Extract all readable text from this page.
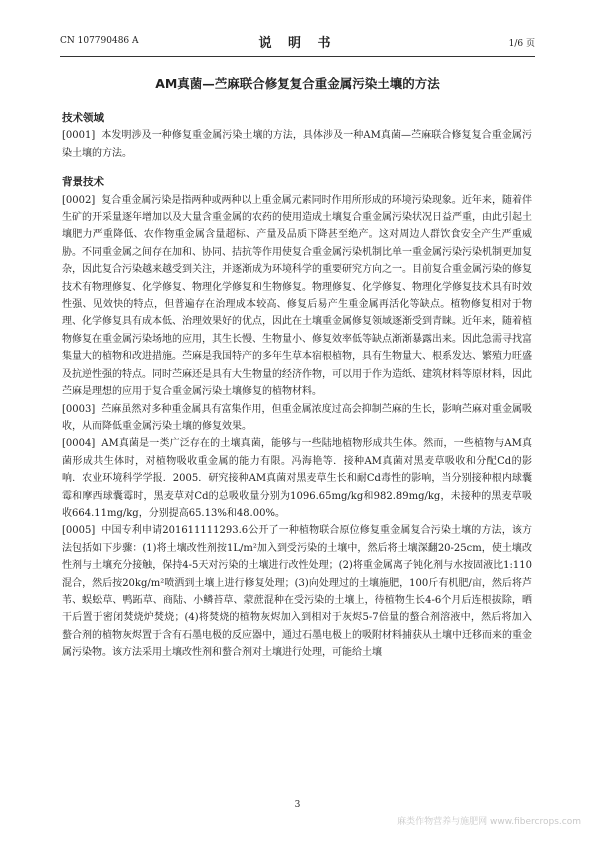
CN 107790486 A	说 明 书	1/6 页
AM真菌—苎麻联合修复复合重金属污染土壤的方法

技术领域

[0001] 本发明涉及一种修复重金属污染土壤的方法，具体涉及一种AM真菌—苎麻联合修复复合重金属污染土壤的方法。

背景技术

[0002] 复合重金属污染是指两种或两种以上重金属元素同时作用所形成的环境污染现象。近年来，随着伴生矿的开采量逐年增加以及大量含重金属的农药的使用造成土壤复合重金属污染状况日益严重，由此引起土壤肥力严重降低、农作物重金属含量超标、产量及品质下降甚至绝产。这对周边人群饮食安全产生严重威胁。不同重金属之间存在加和、协同、拮抗等作用使复合重金属污染机制比单一重金属污染污染机制更加复杂，因此复合污染越来越受到关注，并逐渐成为环境科学的重要研究方向之一。目前复合重金属污染的修复技术有物理修复、化学修复、物理化学修复和生物修复。物理修复、化学修复、物理化学修复技术具有时效性强、见效快的特点，但普遍存在治理成本较高、修复后易产生重金属再活化等缺点。植物修复相对于物理、化学修复具有成本低、治理效果好的优点，因此在土壤重金属修复领域逐渐受到青睐。近年来，随着植物修复在重金属污染场地的应用，其生长慢、生物量小、修复效率低等缺点渐渐暴露出来。因此急需寻找富集量大的植物和改进措施。苎麻是我国特产的多年生草本宿根植物，具有生物量大、根系发达、繁殖力旺盛及抗逆性强的特点。同时苎麻还是具有大生物量的经济作物，可以用于作为造纸、建筑材料等原材料，因此苎麻是理想的应用于复合重金属污染土壤修复的植物材料。

[0003] 苎麻虽然对多种重金属具有富集作用，但重金属浓度过高会抑制苎麻的生长，影响苎麻对重金属吸收，从而降低重金属污染土壤的修复效果。

[0004] AM真菌是一类广泛存在的土壤真菌，能够与一些陆地植物形成共生体。然而，一些植物与AM真菌形成共生体时，对植物吸收重金属的能力有限。冯海艳等．接种AM真菌对黑麦草吸收和分配Cd的影响．农业环境科学学报．2005．研究接种AM真菌对黑麦草生长和耐Cd毒性的影响，当分别接种根内球囊霉和摩西球囊霉时，黑麦草对Cd的总吸收量分别为1096.65mg/kg和982.89mg/kg，未接种的黑麦草吸收664.11mg/kg，分别提高65.13%和48.00%。

[0005] 中国专利申请201611111293.6公开了一种植物联合原位修复重金属复合污染土壤的方法，该方法包括如下步骤：(1)将土壤改性剂按1L/m²加入到受污染的土壤中，然后将土壤深翻20-25cm，使土壤改性剂与土壤充分接触，保持4-5天对污染的土壤进行改性处理；(2)将重金属离子钝化剂与水按固液比1:110混合，然后按20kg/m²喷洒到土壤上进行修复处理；(3)向处理过的土壤施肥，100斤有机肥/亩，然后将芦苇、蜈蚣草、鸭跖草、商陆、小鳞苔草、蒙蔗混种在受污染的土壤上，待植物生长4-6个月后连根拔除，晒干后置于密闭焚烧炉焚烧；(4)将焚烧的植物灰烬加入到相对于灰烬5-7倍量的螯合剂溶液中，然后将加入螯合剂的植物灰烬置于含有石墨电极的反应器中，通过石墨电极上的吸附材料捕获从土壤中迁移而来的重金属污染物。该方法采用土壤改性剂和螯合剂对土壤进行处理，可能给土壤

3
麻类作物营养与施肥网 www.fibercrops.com
